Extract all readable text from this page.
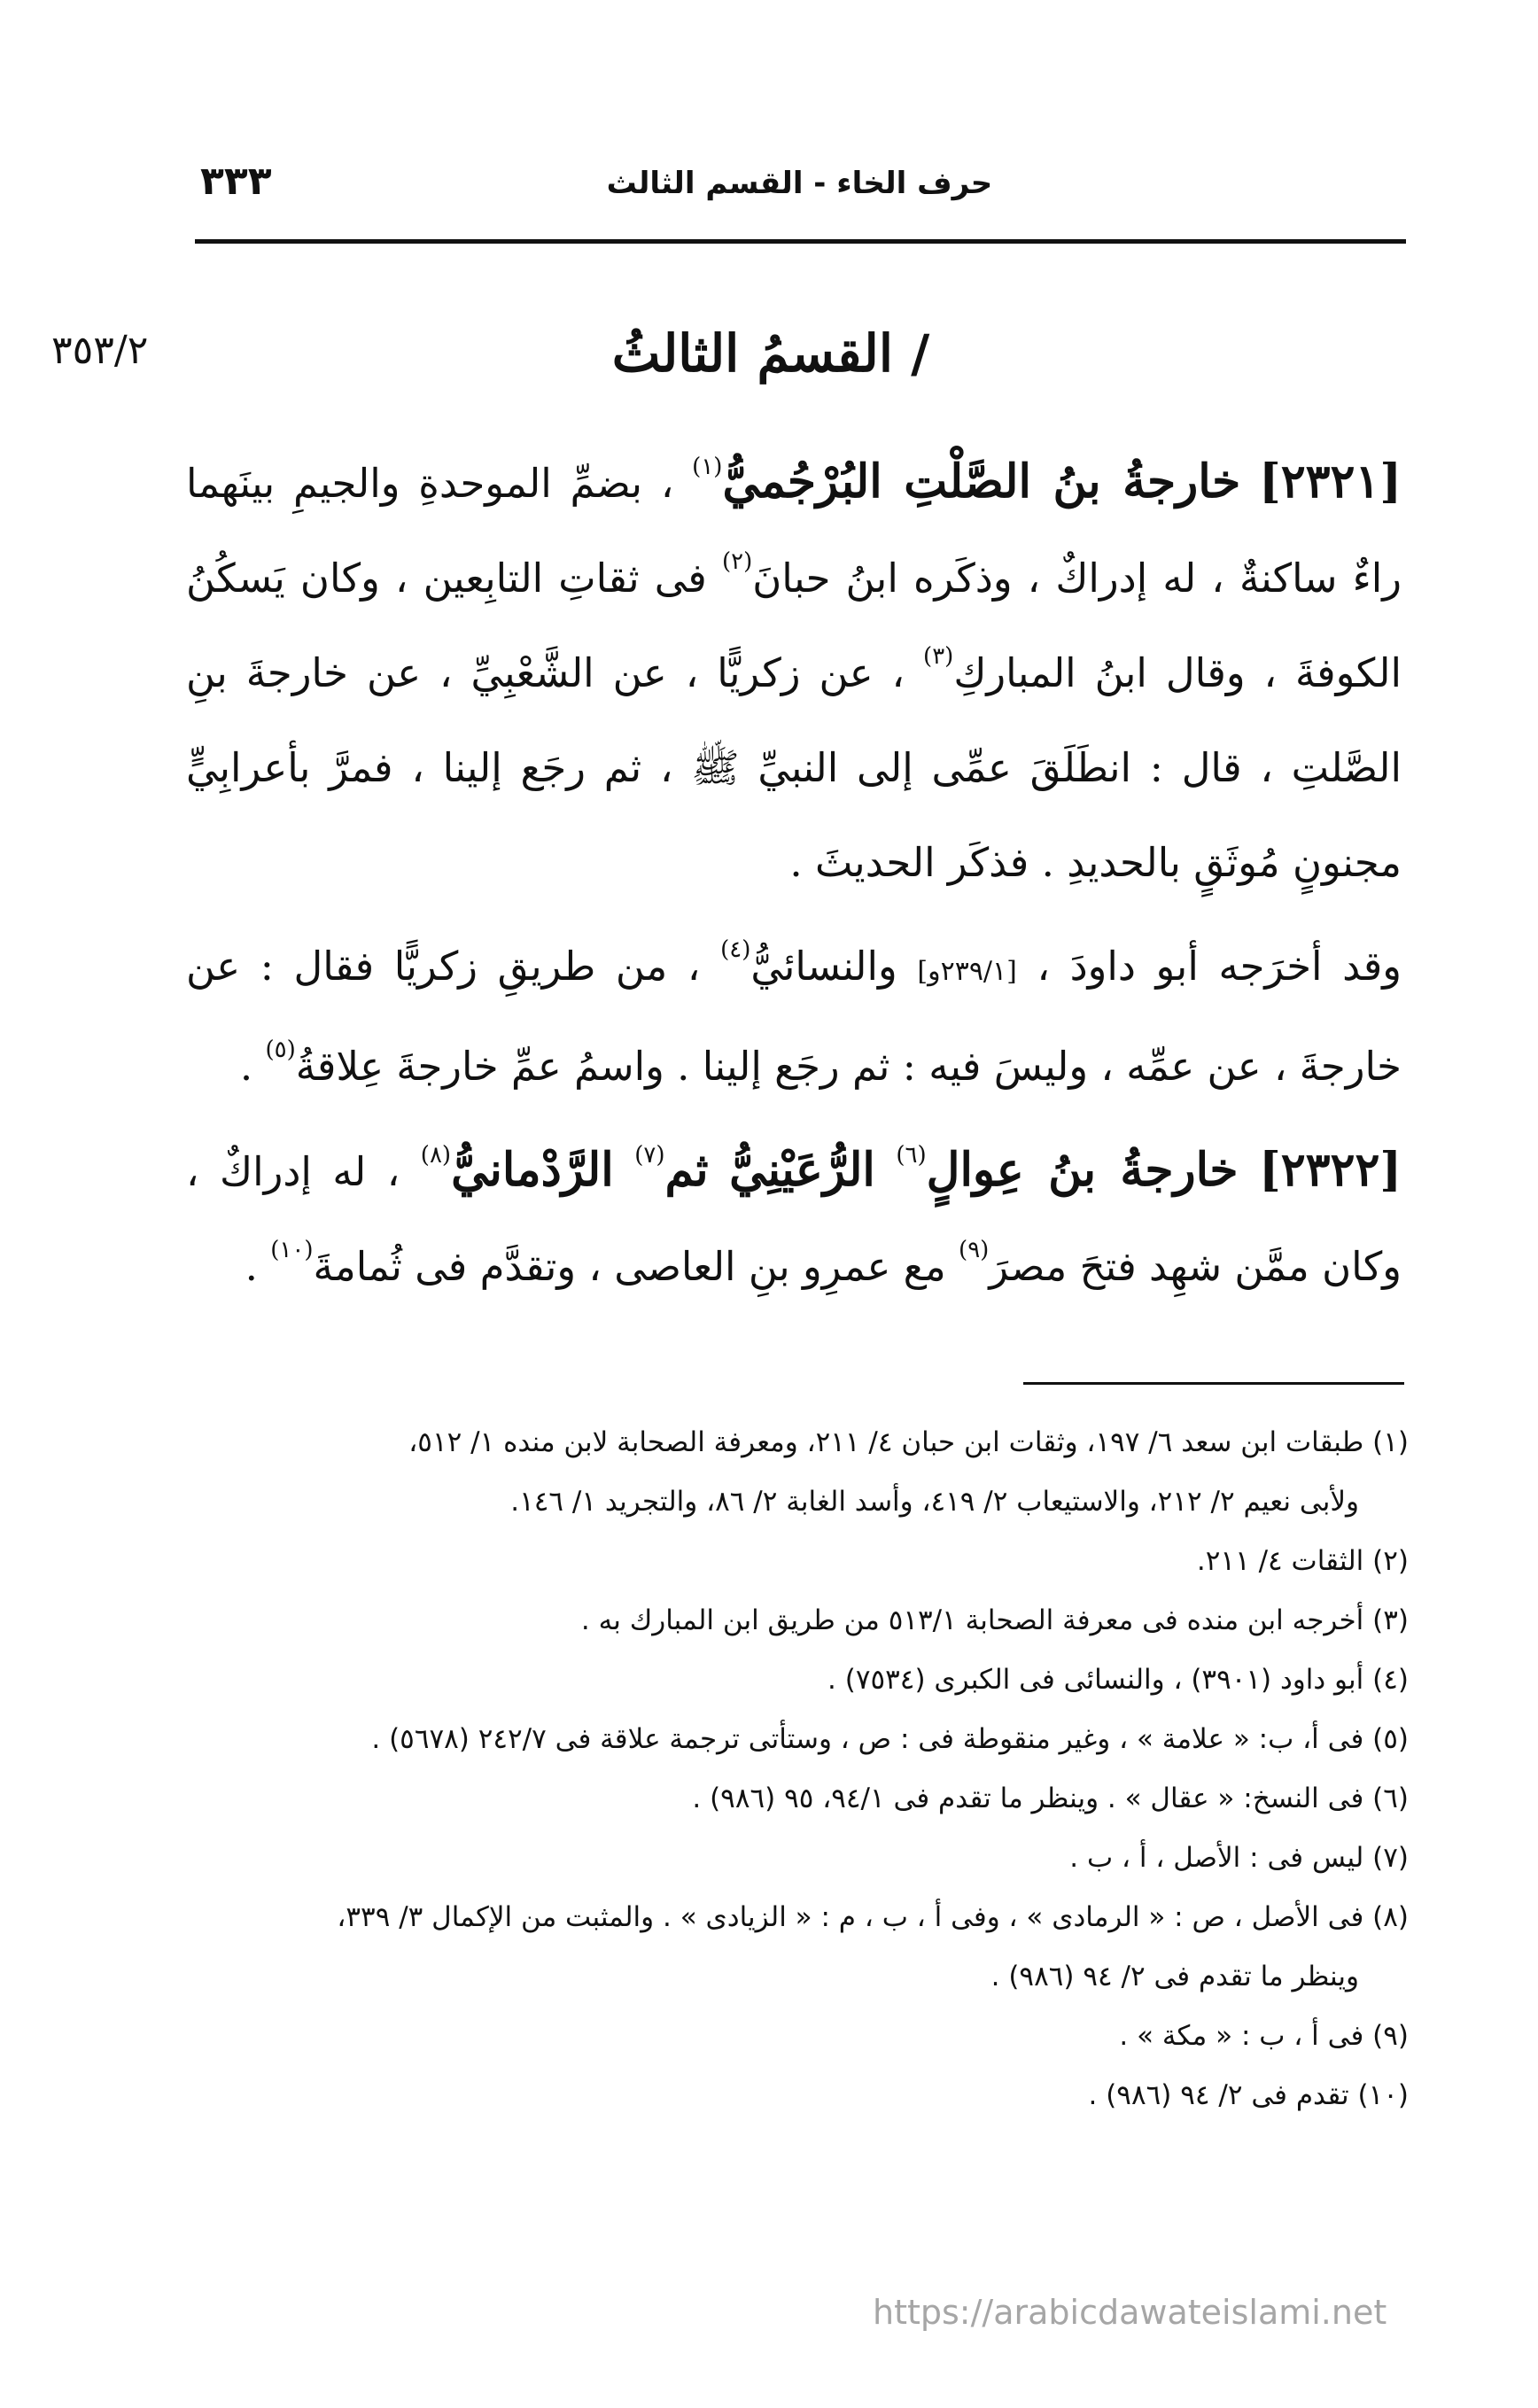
حرف الخاء - القسم الثالث
٣٣٣
٣٥٣/٢	/ القسمُ الثالثُ

[٢٣٢١] خارجةُ بنُ الصَّلْتِ البُرْجُميُّ$^{(١)}$ ، بضمِّ الموحدةِ والجيمِ بينَهما راءٌ ساكنةٌ ، له إدراكٌ ، وذكَره ابنُ حبانَ$^{(٢)}$ فى ثقاتِ التابِعين ، وكان يَسكُنُ الكوفةَ ، وقال ابنُ المباركِ$^{(٣)}$ ، عن زكريًّا ، عن الشَّعْبِيِّ ، عن خارجةَ بنِ الصَّلتِ ، قال : انطَلَقَ عمِّى إلى النبيِّ ﷺ ، ثم رجَع إلينا ، فمرَّ بأعرابِيٍّ مجنونٍ مُوثَقٍ بالحديدِ . فذكَر الحديثَ .

وقد أخرَجه أبو داودَ ، [٢٣٩/١و] والنسائيُّ$^{(٤)}$ ، من طريقِ زكريًّا فقال : عن خارجةَ ، عن عمِّه ، وليسَ فيه : ثم رجَع إلينا . واسمُ عمِّ خارجةَ عِلاقةُ$^{(٥)}$ .

[٢٣٢٢] خارجةُ بنُ عِوالٍ$^{(٦)}$ الرُّعَيْنِيُّ ثم$^{(٧)}$ الرَّدْمانيُّ$^{(٨)}$ ، له إدراكٌ ، وكان ممَّن شهِد فتحَ مصرَ$^{(٩)}$ مع عمرِو بنِ العاصى ، وتقدَّم فى ثُمامةَ$^{(١٠)}$ .

(١) طبقات ابن سعد ٦/ ١٩٧، وثقات ابن حبان ٤/ ٢١١، ومعرفة الصحابة لابن منده ١/ ٥١٢،

ولأبى نعيم ٢/ ٢١٢، والاستيعاب ٢/ ٤١٩، وأسد الغابة ٢/ ٨٦، والتجريد ١/ ١٤٦.

(٢) الثقات ٤/ ٢١١.

(٣) أخرجه ابن منده فى معرفة الصحابة ٥١٣/١ من طريق ابن المبارك به .

(٤) أبو داود (٣٩٠١) ، والنسائى فى الكبرى (٧٥٣٤) .

(٥) فى أ، ب: « علامة » ، وغير منقوطة فى : ص ، وستأتى ترجمة علاقة فى ٢٤٢/٧ (٥٦٧٨) .

(٦) فى النسخ: « عقال » . وينظر ما تقدم فى ٩٤/١، ٩٥ (٩٨٦) .

(٧) ليس فى : الأصل ، أ ، ب .

(٨) فى الأصل ، ص : « الرمادى » ، وفى أ ، ب ، م : « الزيادى » . والمثبت من الإكمال ٣/ ٣٣٩،

وينظر ما تقدم فى ٢/ ٩٤ (٩٨٦) .

(٩) فى أ ، ب : « مكة » .

(١٠) تقدم فى ٢/ ٩٤ (٩٨٦) .

https://arabicdawateislami.net
